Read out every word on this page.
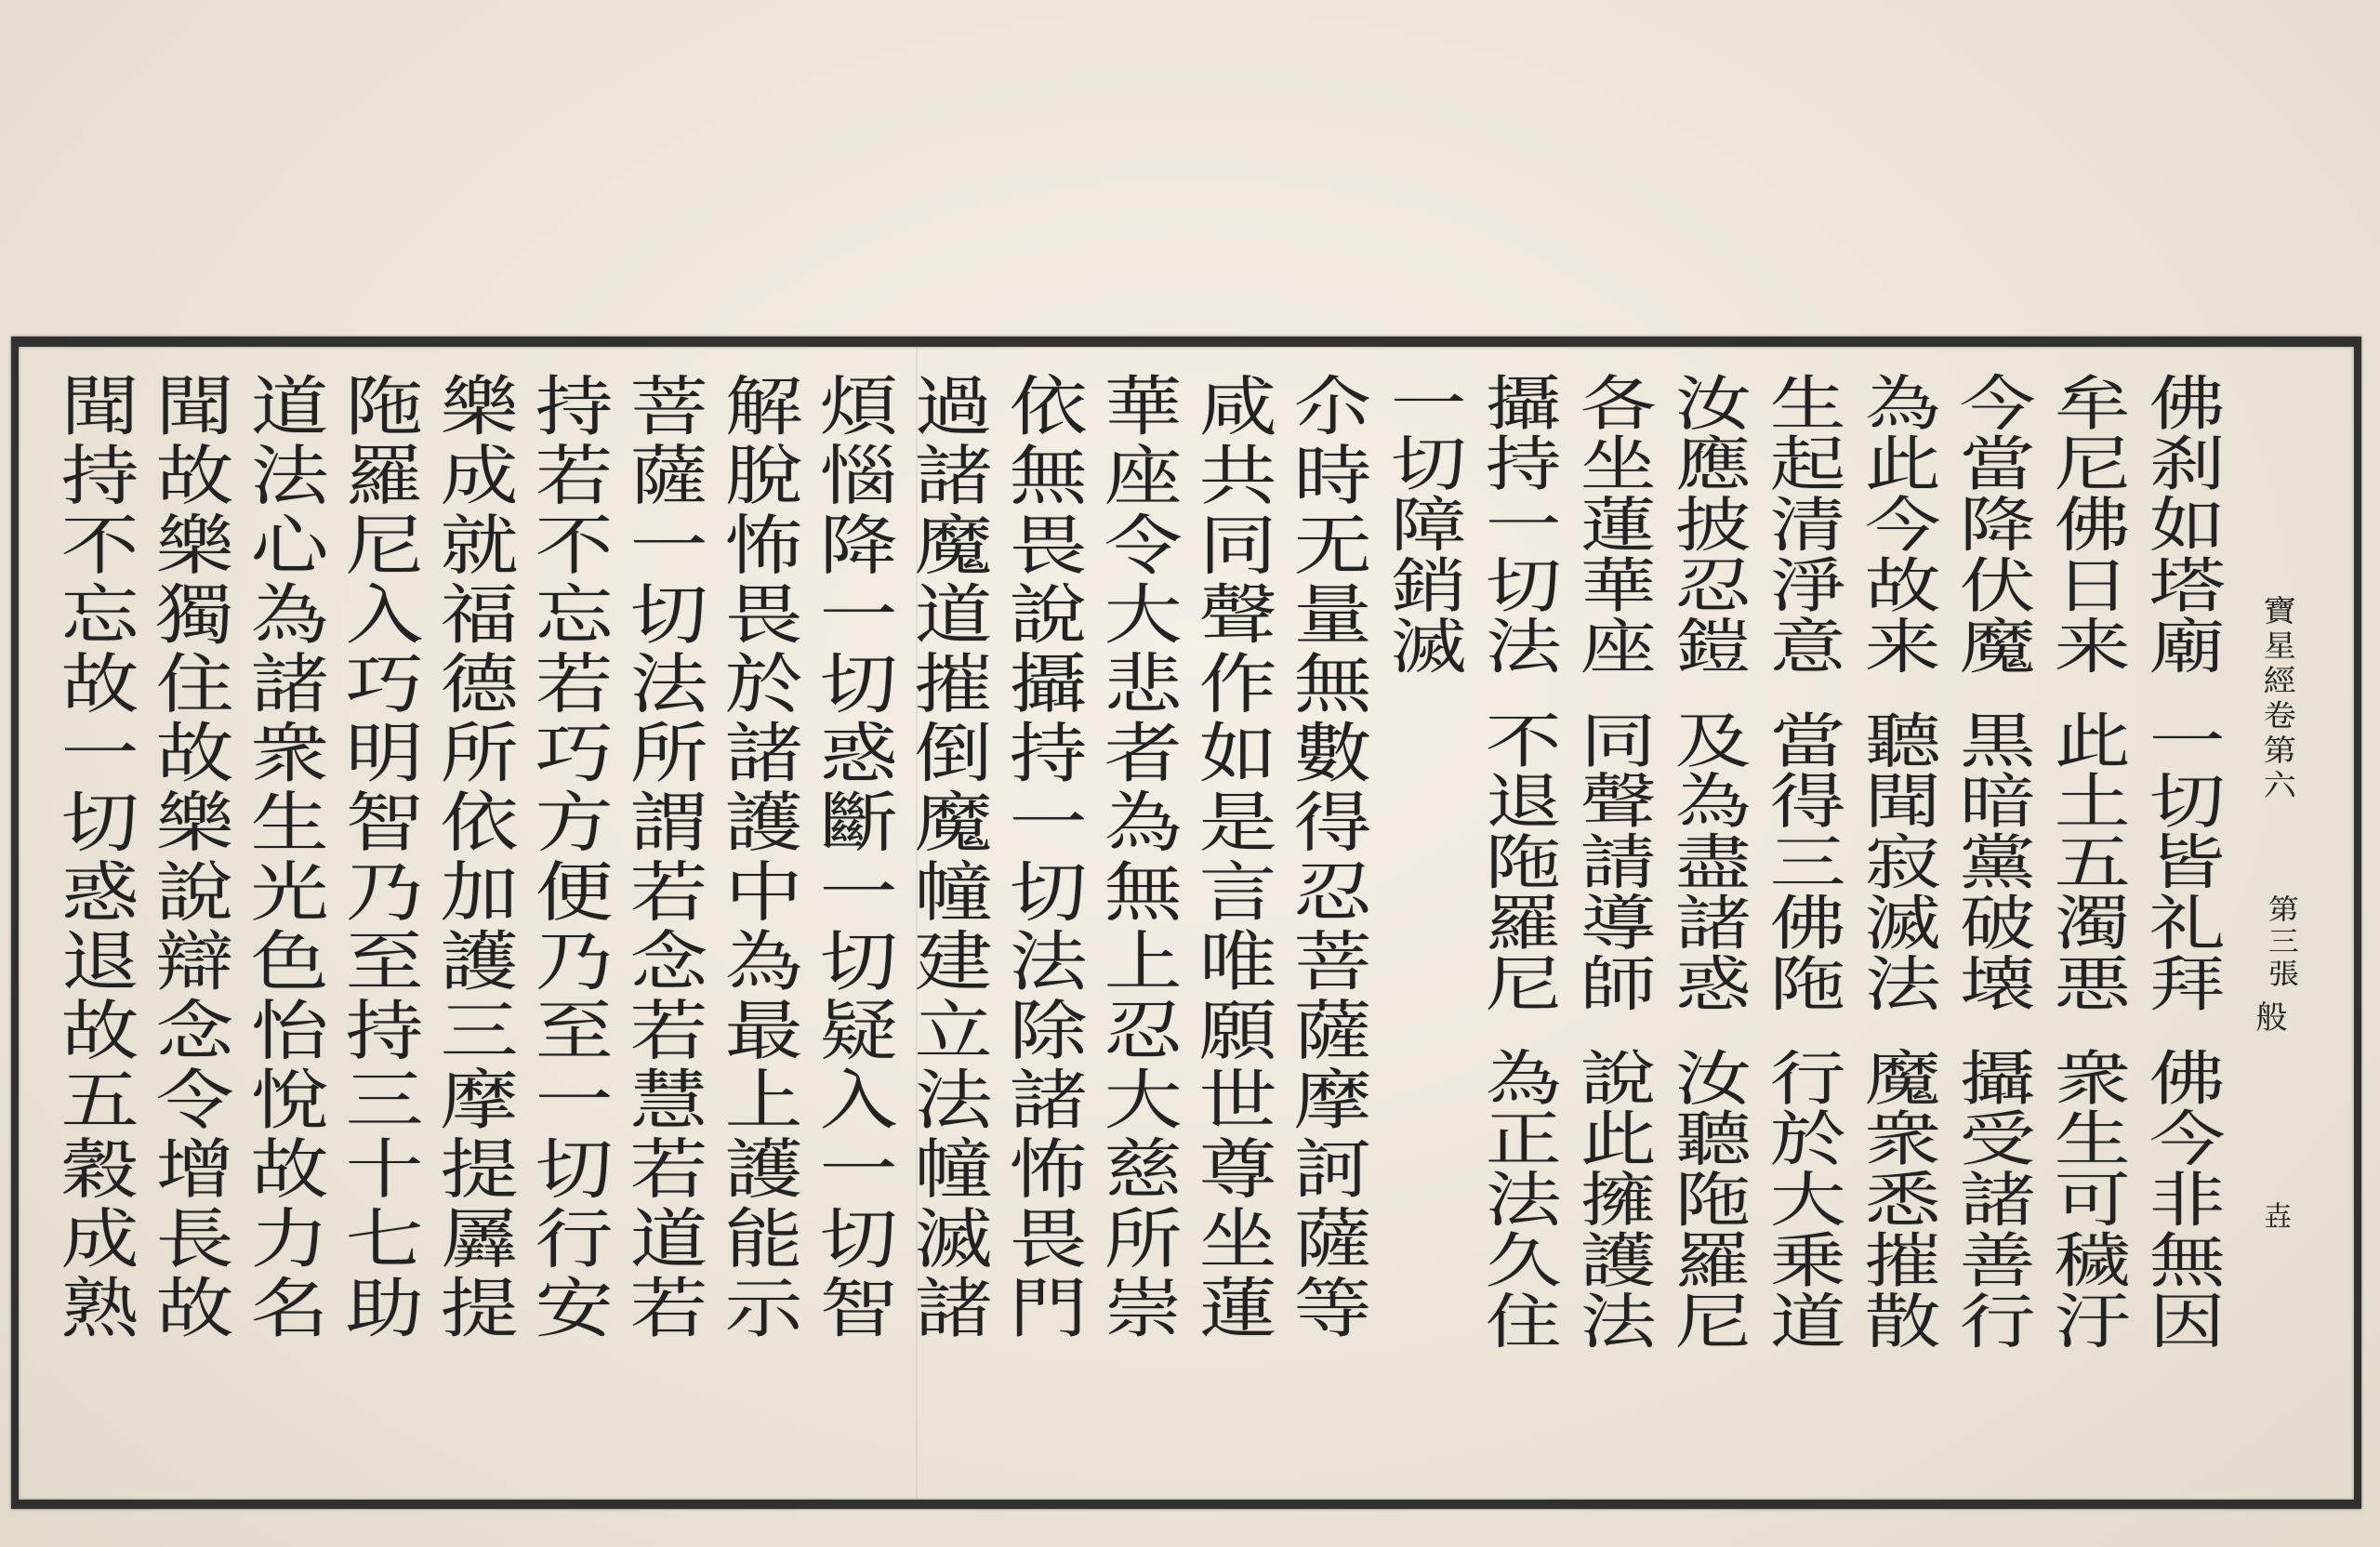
寶星經卷第六
第三張
般
壵
佛刹如塔廟
一切皆礼拜
佛今非無因
牟尼佛日来
此土五濁悪
衆生可穢汙
今當降伏魔
黒暗黨破壊
攝受諸善行
為此今故来
聽聞寂滅法
魔衆悉摧散
生起清淨意
當得三佛陁
行於大乗道
汝應披忍鎧
及為盡諸惑
汝聽陁羅尼
各坐蓮華座
同聲請導師
說此擁護法
攝持一切法
不退陁羅尼
為正法久住
一切障銷滅
尒時无量無數得忍菩薩摩訶薩等
咸共同聲作如是言唯願世尊坐蓮
華座令大悲者為無上忍大慈所崇
依無畏說攝持一切法除諸怖畏門
過諸魔道摧倒魔幢建立法幢滅諸
煩惱降一切惑斷一切疑入一切智
解脫怖畏於諸護中為最上護能示
菩薩一切法所謂若念若慧若道若
持若不忘若巧方便乃至一切行安
樂成就福德所依加護三摩提羼提
陁羅尼入巧明智乃至持三十七助
道法心為諸衆生光色怡悅故力名
聞故樂獨住故樂說辯念令增長故
聞持不忘故一切惑退故五穀成熟
